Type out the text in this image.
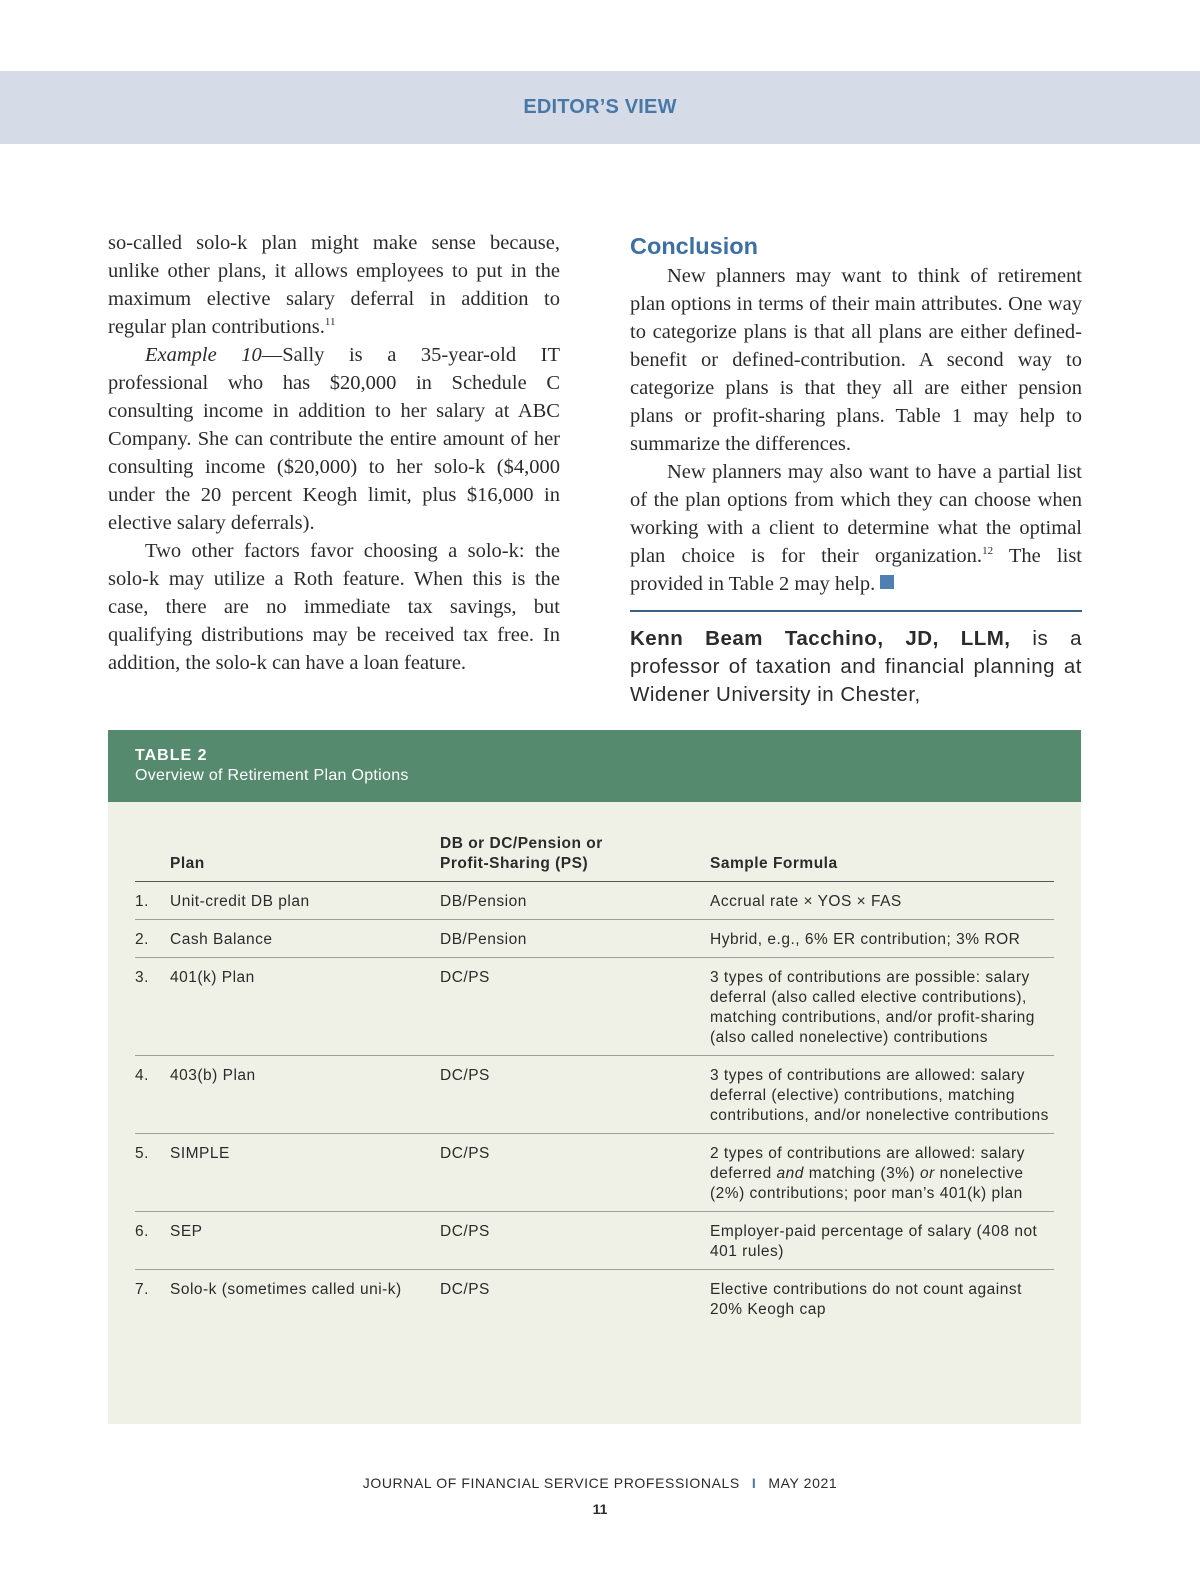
EDITOR’S VIEW

so-called solo-k plan might make sense because, unlike other plans, it allows employees to put in the maximum elective salary deferral in addition to regular plan contributions.$^{11}$

Example 10—Sally is a 35-year-old IT professional who has $20,000 in Schedule C consulting income in addition to her salary at ABC Company. She can contribute the entire amount of her consulting income ($20,000) to her solo-k ($4,000 under the 20 percent Keogh limit, plus $16,000 in elective salary deferrals).

Two other factors favor choosing a solo-k: the solo-k may utilize a Roth feature. When this is the case, there are no immediate tax savings, but qualifying distributions may be received tax free. In addition, the solo-k can have a loan feature.

Conclusion

New planners may want to think of retirement plan options in terms of their main attributes. One way to categorize plans is that all plans are either defined-benefit or defined-contribution. A second way to categorize plans is that they all are either pension plans or profit-sharing plans. Table 1 may help to summarize the differences.

New planners may also want to have a partial list of the plan options from which they can choose when working with a client to determine what the optimal plan choice is for their organization.$^{12}$ The list provided in Table 2 may help.

Kenn Beam Tacchino, JD, LLM, is a professor of taxation and financial planning at Widener University in Chester,

TABLE 2
Overview of Retirement Plan Options
	Plan	DB or DC/Pension or
Profit-Sharing (PS)	Sample Formula
1.	Unit-credit DB plan	DB/Pension	Accrual rate × YOS × FAS
2.	Cash Balance	DB/Pension	Hybrid, e.g., 6% ER contribution; 3% ROR
3.	401(k) Plan	DC/PS	3 types of contributions are possible: salary deferral (also called elective contributions), matching contributions, and/or profit-sharing (also called nonelective) contributions
4.	403(b) Plan	DC/PS	3 types of contributions are allowed: salary deferral (elective) contributions, matching contributions, and/or nonelective contributions
5.	SIMPLE	DC/PS	2 types of contributions are allowed: salary deferred and matching (3%) or nonelective (2%) contributions; poor man’s 401(k) plan
6.	SEP	DC/PS	Employer-paid percentage of salary (408 not 401 rules)
7.	Solo-k (sometimes called uni-k)	DC/PS	Elective contributions do not count against 20% Keogh cap
JOURNAL OF FINANCIAL SERVICE PROFESSIONALS I MAY 2021
11
